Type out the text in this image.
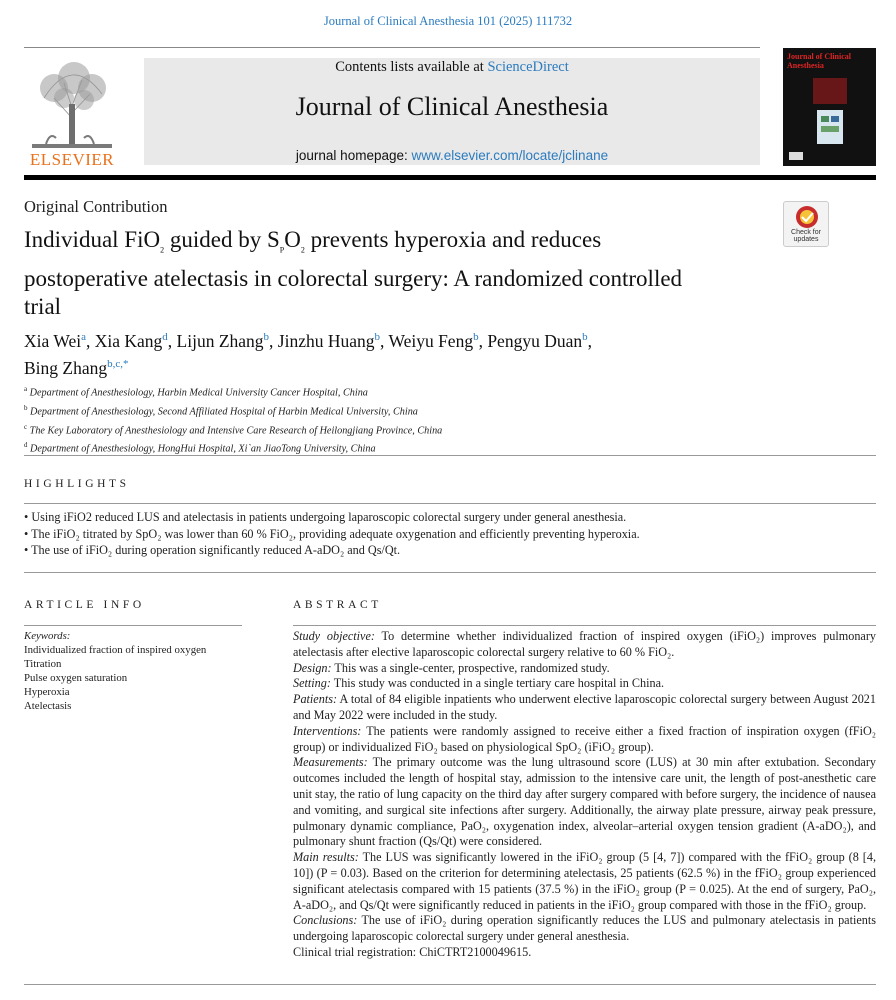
Journal of Clinical Anesthesia 101 (2025) 111732
ELSEVIER
Contents lists available at ScienceDirect
Journal of Clinical Anesthesia
journal homepage: www.elsevier.com/locate/jclinane
Journal of Clinical Anesthesia
Original Contribution
Check for updates
Individual FiO$_2$ guided by $S_PO_2$ prevents hyperoxia and reduces postoperative atelectasis in colorectal surgery: A randomized controlled trial
Xia Wei$^a$, Xia Kang$^d$, Lijun Zhang$^b$, Jinzhu Huang$^b$, Weiyu Feng$^b$, Pengyu Duan$^b$,
Bing Zhang$^{b,c,*}$
$^a$ Department of Anesthesiology, Harbin Medical University Cancer Hospital, China
$^b$ Department of Anesthesiology, Second Affiliated Hospital of Harbin Medical University, China
$^c$ The Key Laboratory of Anesthesiology and Intensive Care Research of Heilongjiang Province, China
$^d$ Department of Anesthesiology, HongHui Hospital, Xi`an JiaoTong University, China
HIGHLIGHTS
• Using iFiO2 reduced LUS and atelectasis in patients undergoing laparoscopic colorectal surgery under general anesthesia.
• The iFiO₂ titrated by SpO₂ was lower than 60 % FiO₂, providing adequate oxygenation and efficiently preventing hyperoxia.
• The use of iFiO₂ during operation significantly reduced A-aDO₂ and Qs/Qt.
ARTICLE INFO
Keywords:
Individualized fraction of inspired oxygen
Titration
Pulse oxygen saturation
Hyperoxia
Atelectasis
ABSTRACT
Study objective: To determine whether individualized fraction of inspired oxygen (iFiO₂) improves pulmonary atelectasis after elective laparoscopic colorectal surgery relative to 60 % FiO₂.
Design: This was a single-center, prospective, randomized study.
Setting: This study was conducted in a single tertiary care hospital in China.
Patients: A total of 84 eligible inpatients who underwent elective laparoscopic colorectal surgery between August 2021 and May 2022 were included in the study.
Interventions: The patients were randomly assigned to receive either a fixed fraction of inspiration oxygen (fFiO₂ group) or individualized FiO₂ based on physiological SpO₂ (iFiO₂ group).
Measurements: The primary outcome was the lung ultrasound score (LUS) at 30 min after extubation. Secondary outcomes included the length of hospital stay, admission to the intensive care unit, the length of post-anesthetic care unit stay, the ratio of lung capacity on the third day after surgery compared with before surgery, the incidence of nausea and vomiting, and surgical site infections after surgery. Additionally, the airway plate pressure, airway peak pressure, pulmonary dynamic compliance, PaO₂, oxygenation index, alveolar–arterial oxygen tension gradient (A-aDO₂), and pulmonary shunt fraction (Qs/Qt) were considered.
Main results: The LUS was significantly lowered in the iFiO₂ group (5 [4, 7]) compared with the fFiO₂ group (8 [4, 10]) (P = 0.03). Based on the criterion for determining atelectasis, 25 patients (62.5 %) in the fFiO₂ group experienced significant atelectasis compared with 15 patients (37.5 %) in the iFiO₂ group (P = 0.025). At the end of surgery, PaO₂, A-aDO₂, and Qs/Qt were significantly reduced in patients in the iFiO₂ group compared with those in the fFiO₂ group.
Conclusions: The use of iFiO₂ during operation significantly reduces the LUS and pulmonary atelectasis in patients undergoing laparoscopic colorectal surgery under general anesthesia.
Clinical trial registration: ChiCTRT2100049615.
